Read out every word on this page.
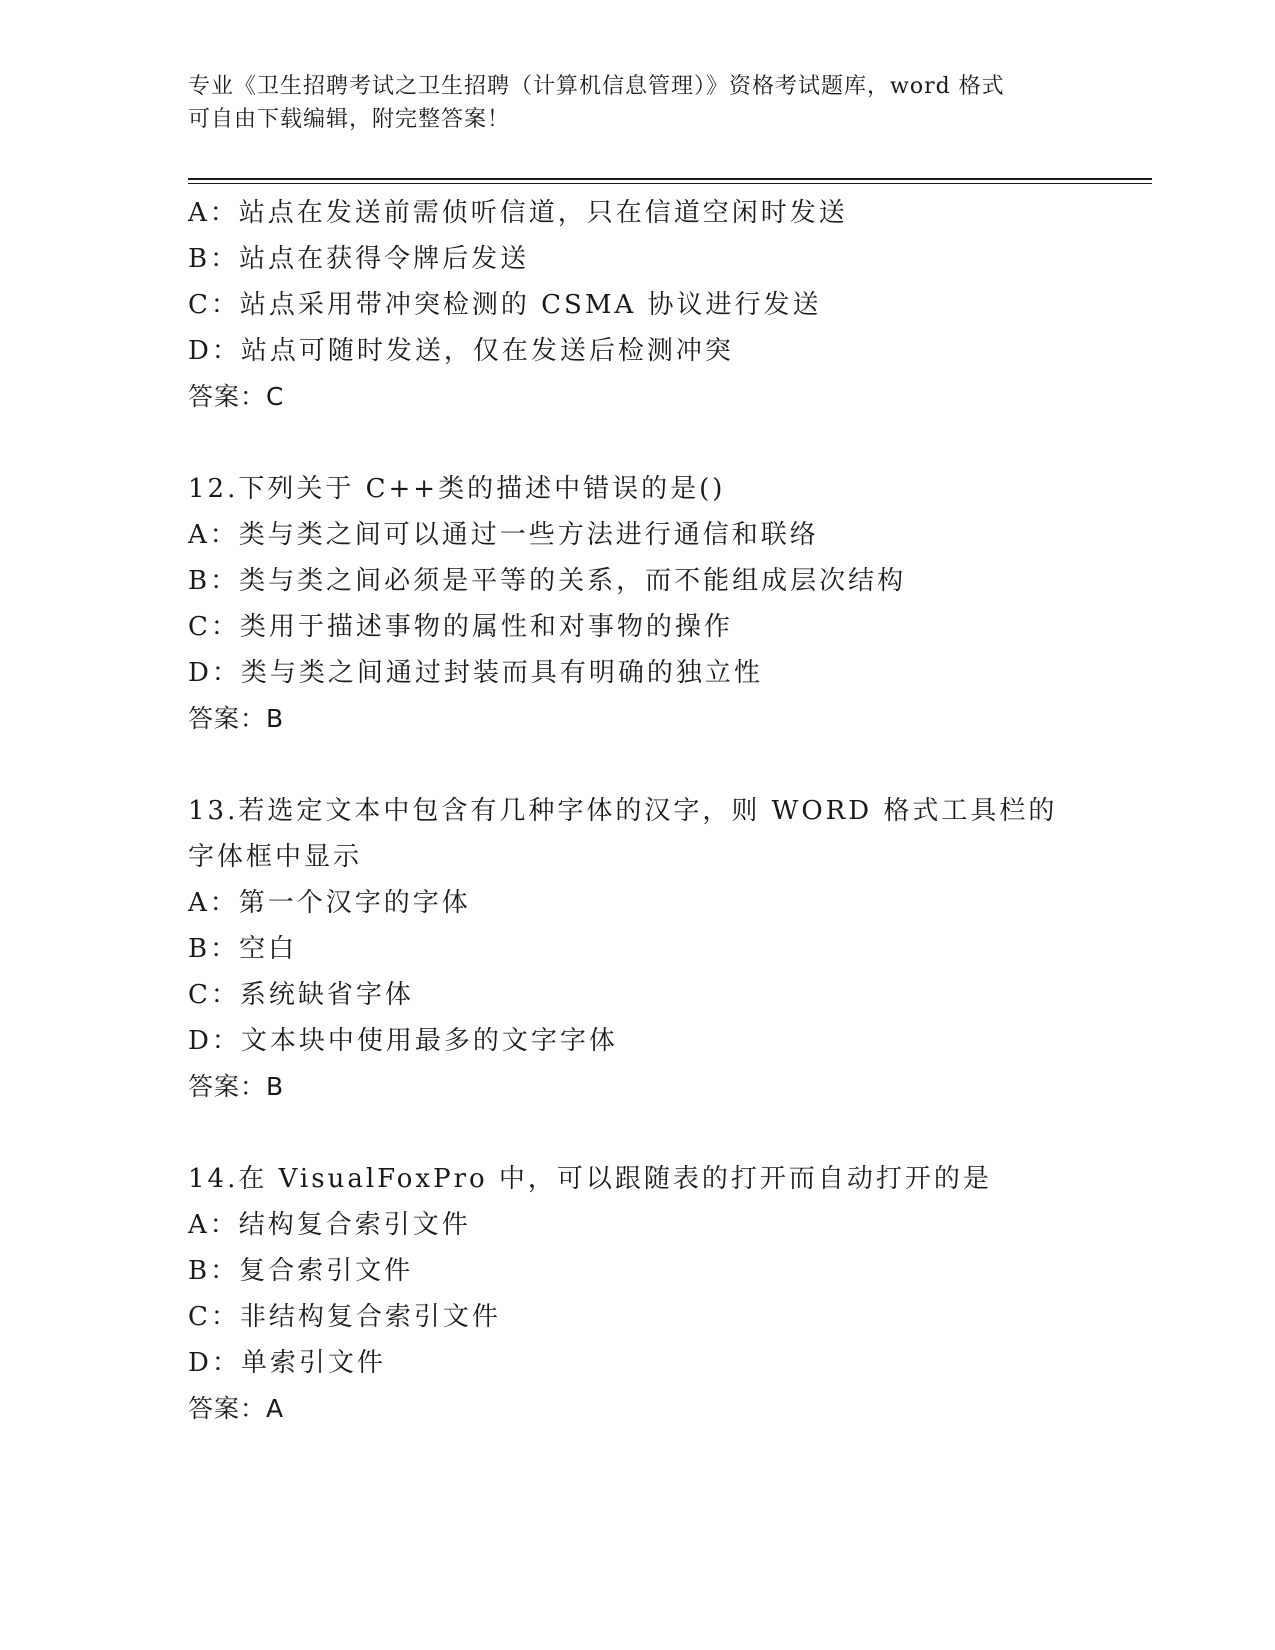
专业《卫生招聘考试之卫生招聘（计算机信息管理）》资格考试题库，word 格式
可自由下载编辑，附完整答案！
A：站点在发送前需侦听信道，只在信道空闲时发送
B：站点在获得令牌后发送
C：站点采用带冲突检测的 CSMA 协议进行发送
D：站点可随时发送，仅在发送后检测冲突
答案：C
12.下列关于 C++类的描述中错误的是()
A：类与类之间可以通过一些方法进行通信和联络
B：类与类之间必须是平等的关系，而不能组成层次结构
C：类用于描述事物的属性和对事物的操作
D：类与类之间通过封装而具有明确的独立性
答案：B
13.若选定文本中包含有几种字体的汉字，则 WORD 格式工具栏的字体框中显示
A：第一个汉字的字体
B：空白
C：系统缺省字体
D：文本块中使用最多的文字字体
答案：B
14.在 VisualFoxPro 中，可以跟随表的打开而自动打开的是
A：结构复合索引文件
B：复合索引文件
C：非结构复合索引文件
D：单索引文件
答案：A
